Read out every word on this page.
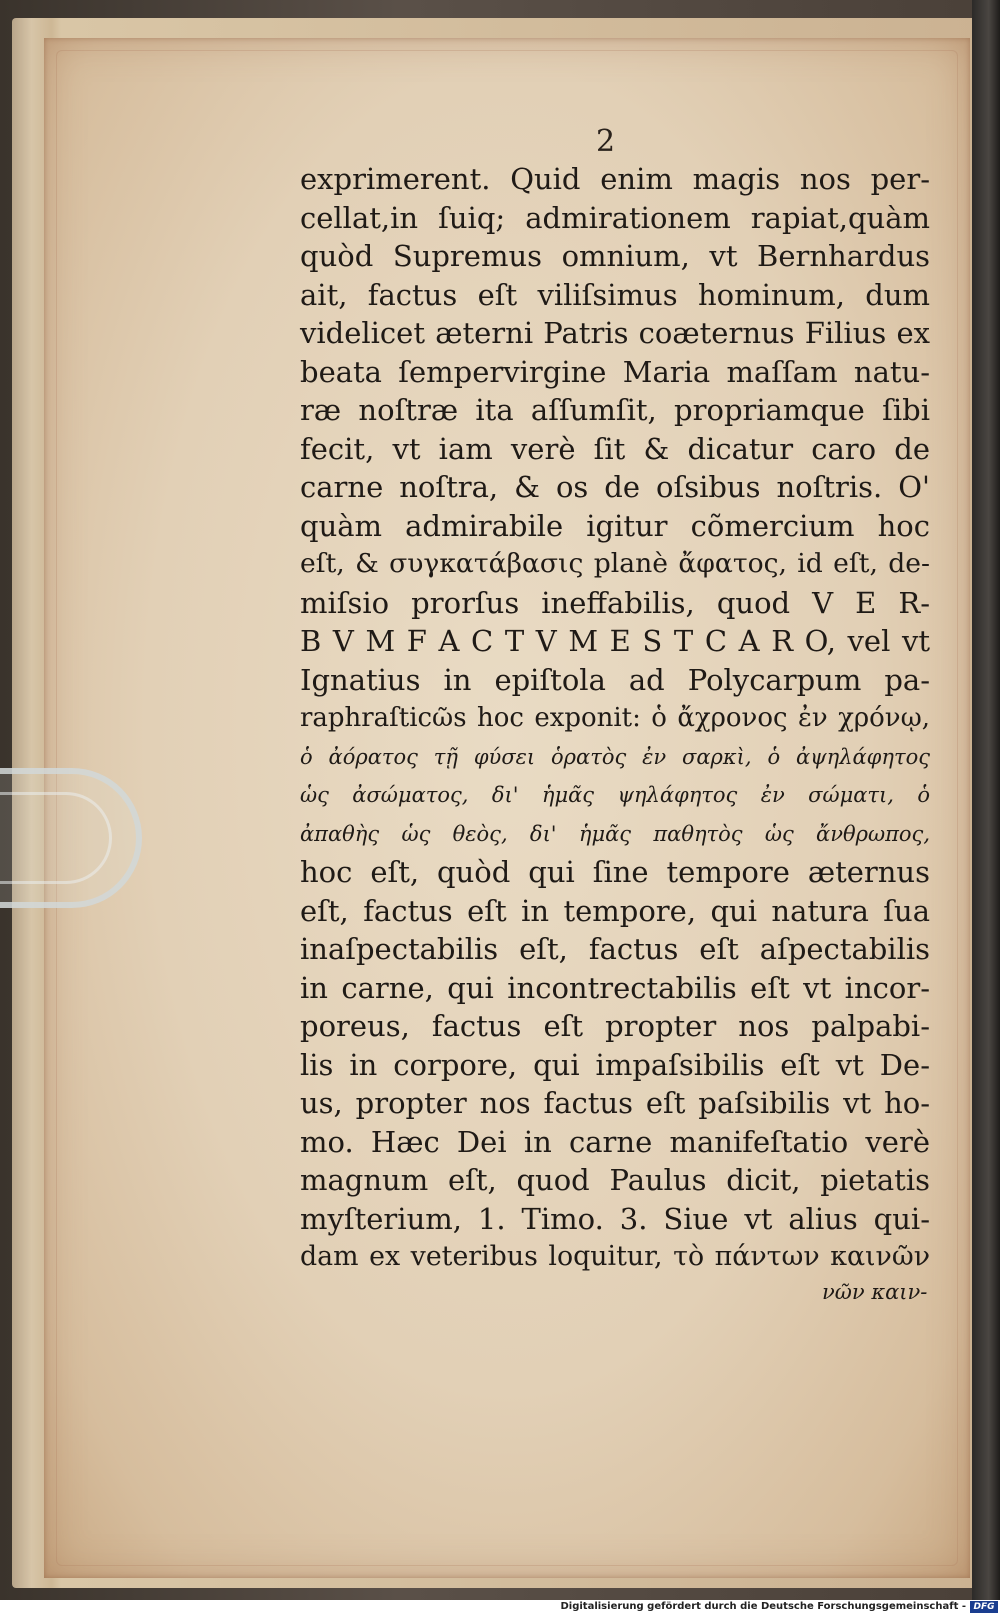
2
exprimerent. Quid enim magis nos per-
cellat,in ſuiq; admirationem rapiat,quàm
quòd Supremus omnium, vt Bernhardus
ait, factus eſt viliſsimus hominum, dum
videlicet æterni Patris coæternus Filius ex
beata ſempervirgine Maria maſſam natu-
ræ noſtræ ita aſſumſit, propriamque ſibi
fecit, vt iam verè ſit & dicatur caro de
carne noſtra, & os de oſsibus noſtris. O'
quàm admirabile igitur cõmercium hoc
eſt, & συγκατάβασις planè ἄφατος, id eſt, de-
miſsio prorſus ineffabilis, quod V E R-
B V M F A C T V M E S T C A R O, vel vt
Ignatius in epiſtola ad Polycarpum pa-
raphraſticῶs hoc exponit: ὁ ἄχρονος ἐν χρόνῳ,
ὁ ἀόρατος τῇ φύσει ὁρατὸς ἐν σαρκὶ, ὁ ἀψηλάφητος
ὡς ἀσώματος, δι' ἡμᾶς ψηλάφητος ἐν σώματι, ὁ
ἀπαθὴς ὡς θεὸς, δι' ἡμᾶς παθητὸς ὡς ἄνθρωπος,
hoc eſt, quòd qui ſine tempore æternus
eſt, factus eſt in tempore, qui natura ſua
inaſpectabilis eſt, factus eſt aſpectabilis
in carne, qui incontrectabilis eſt vt incor-
poreus, factus eſt propter nos palpabi-
lis in corpore, qui impaſsibilis eſt vt De-
us, propter nos factus eſt paſsibilis vt ho-
mo. Hæc Dei in carne manifeſtatio verè
magnum eſt, quod Paulus dicit, pietatis
myſterium, 1. Timo. 3. Siue vt alius qui-
dam ex veteribus loquitur, τὸ πάντων καινῶν
νῶν καιν-
Digitalisierung gefördert durch die Deutsche Forschungsgemeinschaft - DFG
